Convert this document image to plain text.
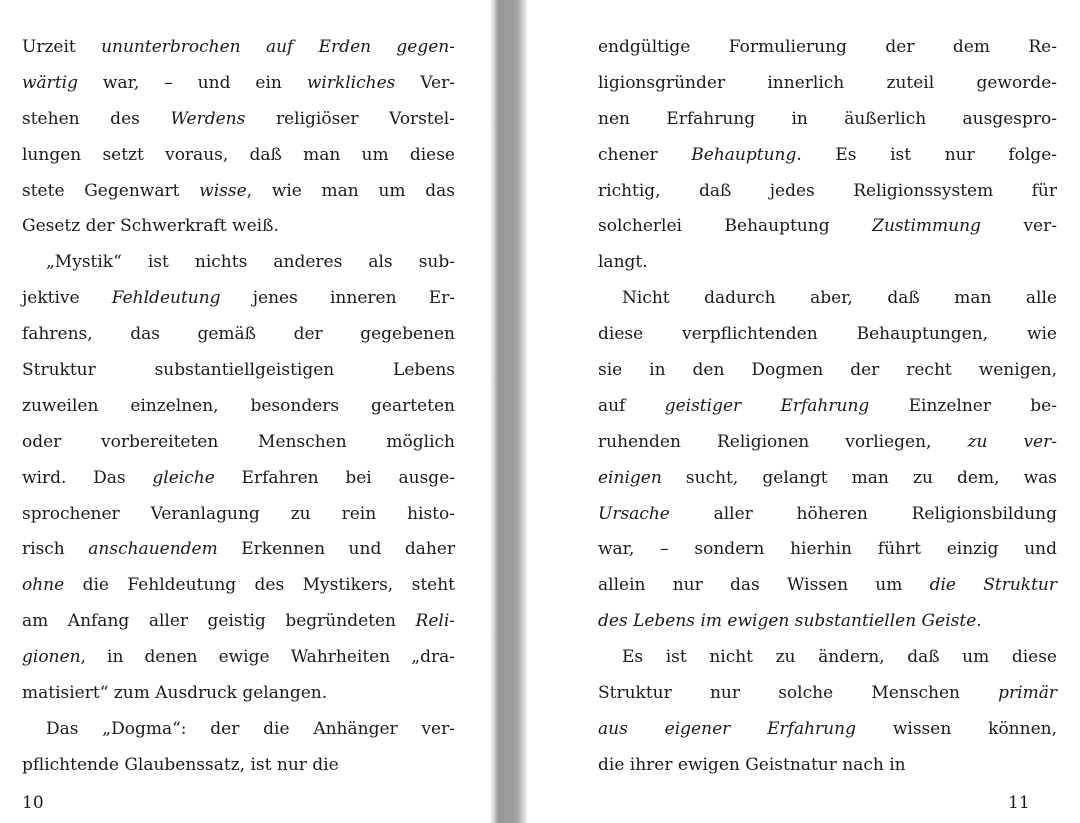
Urzeit ununterbrochen auf Erden gegen-
wärtig war, – und ein wirkliches Ver-
stehen des Werdens religiöser Vorstel-
lungen setzt voraus, daß man um diese
stete Gegenwart wisse, wie man um das
Gesetz der Schwerkraft weiß.
„Mystik“ ist nichts anderes als sub-
jektive Fehldeutung jenes inneren Er-
fahrens, das gemäß der gegebenen
Struktur substantiellgeistigen Lebens
zuweilen einzelnen, besonders gearteten
oder vorbereiteten Menschen möglich
wird. Das gleiche Erfahren bei ausge-
sprochener Veranlagung zu rein histo-
risch anschauendem Erkennen und daher
ohne die Fehldeutung des Mystikers, steht
am Anfang aller geistig begründeten Reli-
gionen, in denen ewige Wahrheiten „dra-
matisiert“ zum Ausdruck gelangen.
Das „Dogma“: der die Anhänger ver-
pflichtende Glaubenssatz, ist nur die
10
endgültige Formulierung der dem Re-
ligionsgründer innerlich zuteil geworde-
nen Erfahrung in äußerlich ausgespro-
chener Behauptung. Es ist nur folge-
richtig, daß jedes Religionssystem für
solcherlei Behauptung Zustimmung ver-
langt.
Nicht dadurch aber, daß man alle
diese verpflichtenden Behauptungen, wie
sie in den Dogmen der recht wenigen,
auf geistiger Erfahrung Einzelner be-
ruhenden Religionen vorliegen, zu ver-
einigen sucht, gelangt man zu dem, was
Ursache aller höheren Religionsbildung
war, – sondern hierhin führt einzig und
allein nur das Wissen um die Struktur
des Lebens im ewigen substantiellen Geiste.
Es ist nicht zu ändern, daß um diese
Struktur nur solche Menschen primär
aus eigener Erfahrung wissen können,
die ihrer ewigen Geistnatur nach in
11
